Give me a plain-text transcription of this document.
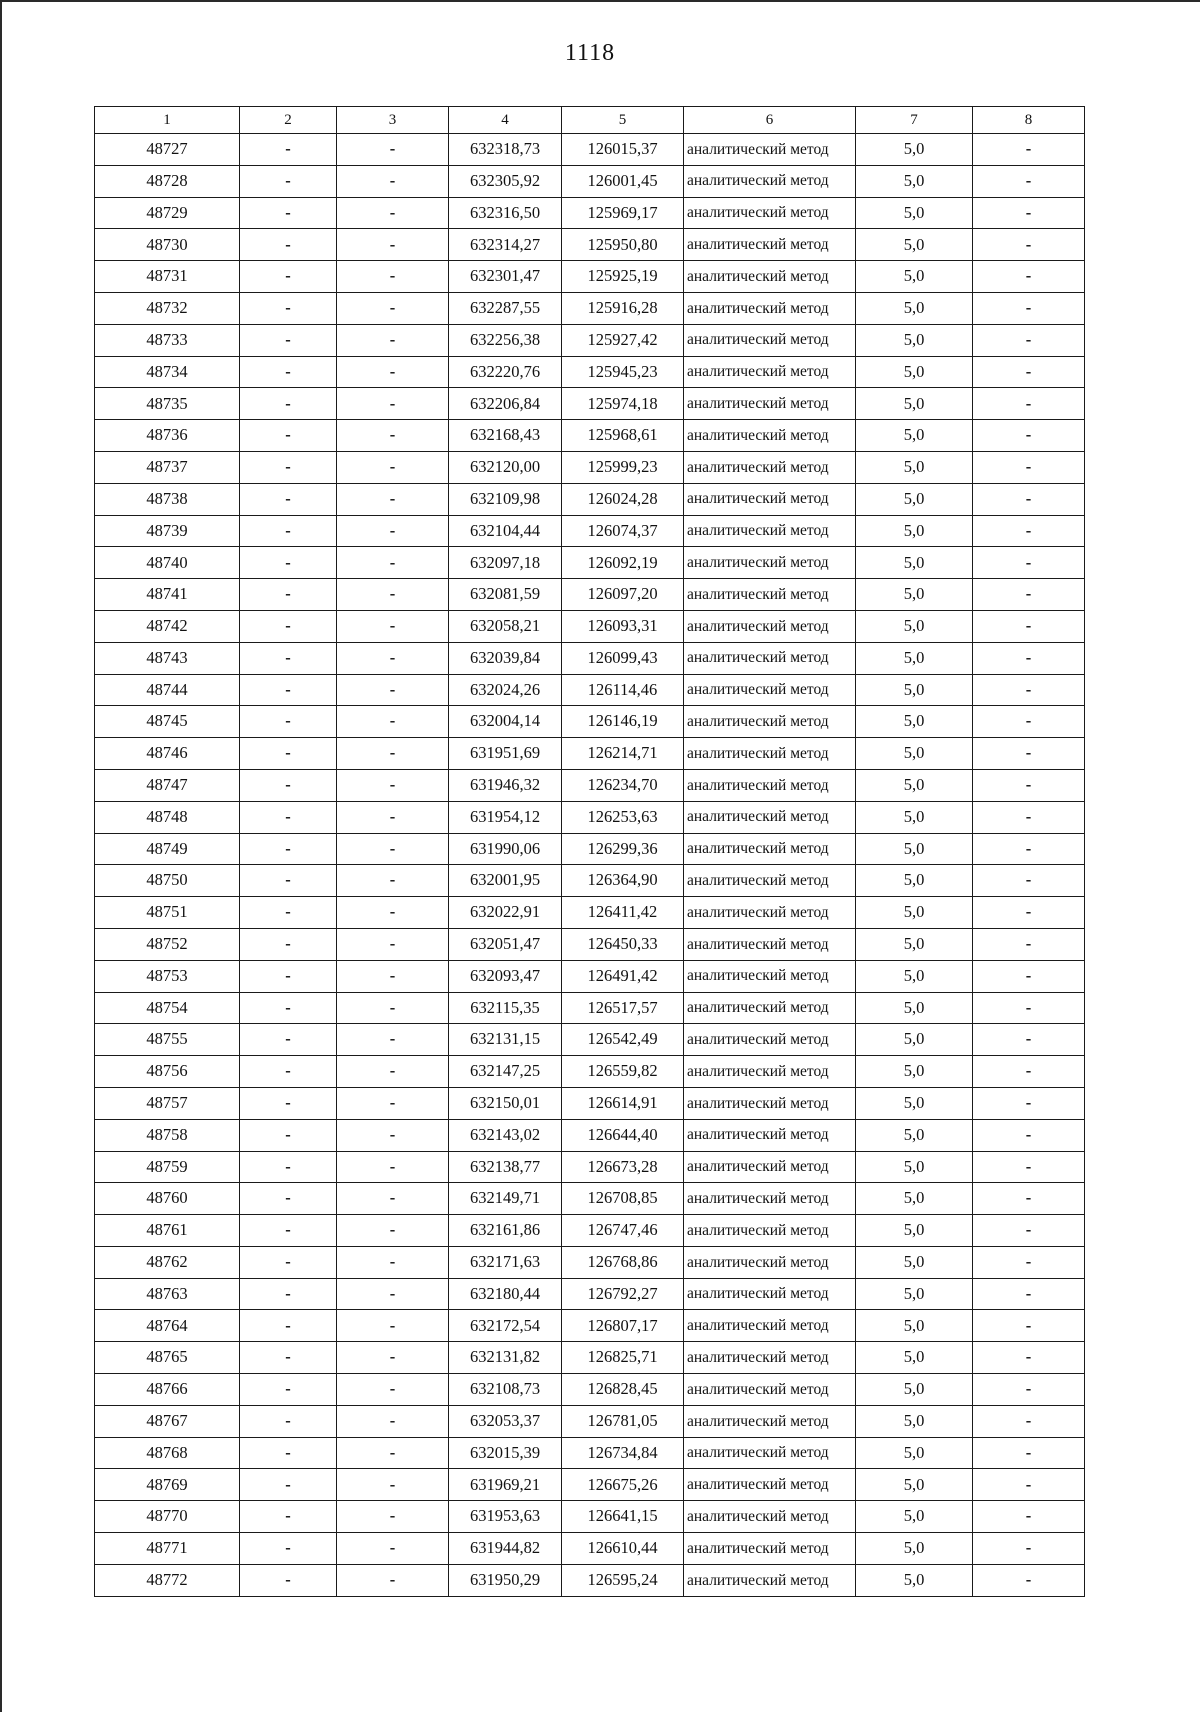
1118
1	2	3	4	5	6	7	8
48727	-	-	632318,73	126015,37	аналитический метод	5,0	-
48728	-	-	632305,92	126001,45	аналитический метод	5,0	-
48729	-	-	632316,50	125969,17	аналитический метод	5,0	-
48730	-	-	632314,27	125950,80	аналитический метод	5,0	-
48731	-	-	632301,47	125925,19	аналитический метод	5,0	-
48732	-	-	632287,55	125916,28	аналитический метод	5,0	-
48733	-	-	632256,38	125927,42	аналитический метод	5,0	-
48734	-	-	632220,76	125945,23	аналитический метод	5,0	-
48735	-	-	632206,84	125974,18	аналитический метод	5,0	-
48736	-	-	632168,43	125968,61	аналитический метод	5,0	-
48737	-	-	632120,00	125999,23	аналитический метод	5,0	-
48738	-	-	632109,98	126024,28	аналитический метод	5,0	-
48739	-	-	632104,44	126074,37	аналитический метод	5,0	-
48740	-	-	632097,18	126092,19	аналитический метод	5,0	-
48741	-	-	632081,59	126097,20	аналитический метод	5,0	-
48742	-	-	632058,21	126093,31	аналитический метод	5,0	-
48743	-	-	632039,84	126099,43	аналитический метод	5,0	-
48744	-	-	632024,26	126114,46	аналитический метод	5,0	-
48745	-	-	632004,14	126146,19	аналитический метод	5,0	-
48746	-	-	631951,69	126214,71	аналитический метод	5,0	-
48747	-	-	631946,32	126234,70	аналитический метод	5,0	-
48748	-	-	631954,12	126253,63	аналитический метод	5,0	-
48749	-	-	631990,06	126299,36	аналитический метод	5,0	-
48750	-	-	632001,95	126364,90	аналитический метод	5,0	-
48751	-	-	632022,91	126411,42	аналитический метод	5,0	-
48752	-	-	632051,47	126450,33	аналитический метод	5,0	-
48753	-	-	632093,47	126491,42	аналитический метод	5,0	-
48754	-	-	632115,35	126517,57	аналитический метод	5,0	-
48755	-	-	632131,15	126542,49	аналитический метод	5,0	-
48756	-	-	632147,25	126559,82	аналитический метод	5,0	-
48757	-	-	632150,01	126614,91	аналитический метод	5,0	-
48758	-	-	632143,02	126644,40	аналитический метод	5,0	-
48759	-	-	632138,77	126673,28	аналитический метод	5,0	-
48760	-	-	632149,71	126708,85	аналитический метод	5,0	-
48761	-	-	632161,86	126747,46	аналитический метод	5,0	-
48762	-	-	632171,63	126768,86	аналитический метод	5,0	-
48763	-	-	632180,44	126792,27	аналитический метод	5,0	-
48764	-	-	632172,54	126807,17	аналитический метод	5,0	-
48765	-	-	632131,82	126825,71	аналитический метод	5,0	-
48766	-	-	632108,73	126828,45	аналитический метод	5,0	-
48767	-	-	632053,37	126781,05	аналитический метод	5,0	-
48768	-	-	632015,39	126734,84	аналитический метод	5,0	-
48769	-	-	631969,21	126675,26	аналитический метод	5,0	-
48770	-	-	631953,63	126641,15	аналитический метод	5,0	-
48771	-	-	631944,82	126610,44	аналитический метод	5,0	-
48772	-	-	631950,29	126595,24	аналитический метод	5,0	-
